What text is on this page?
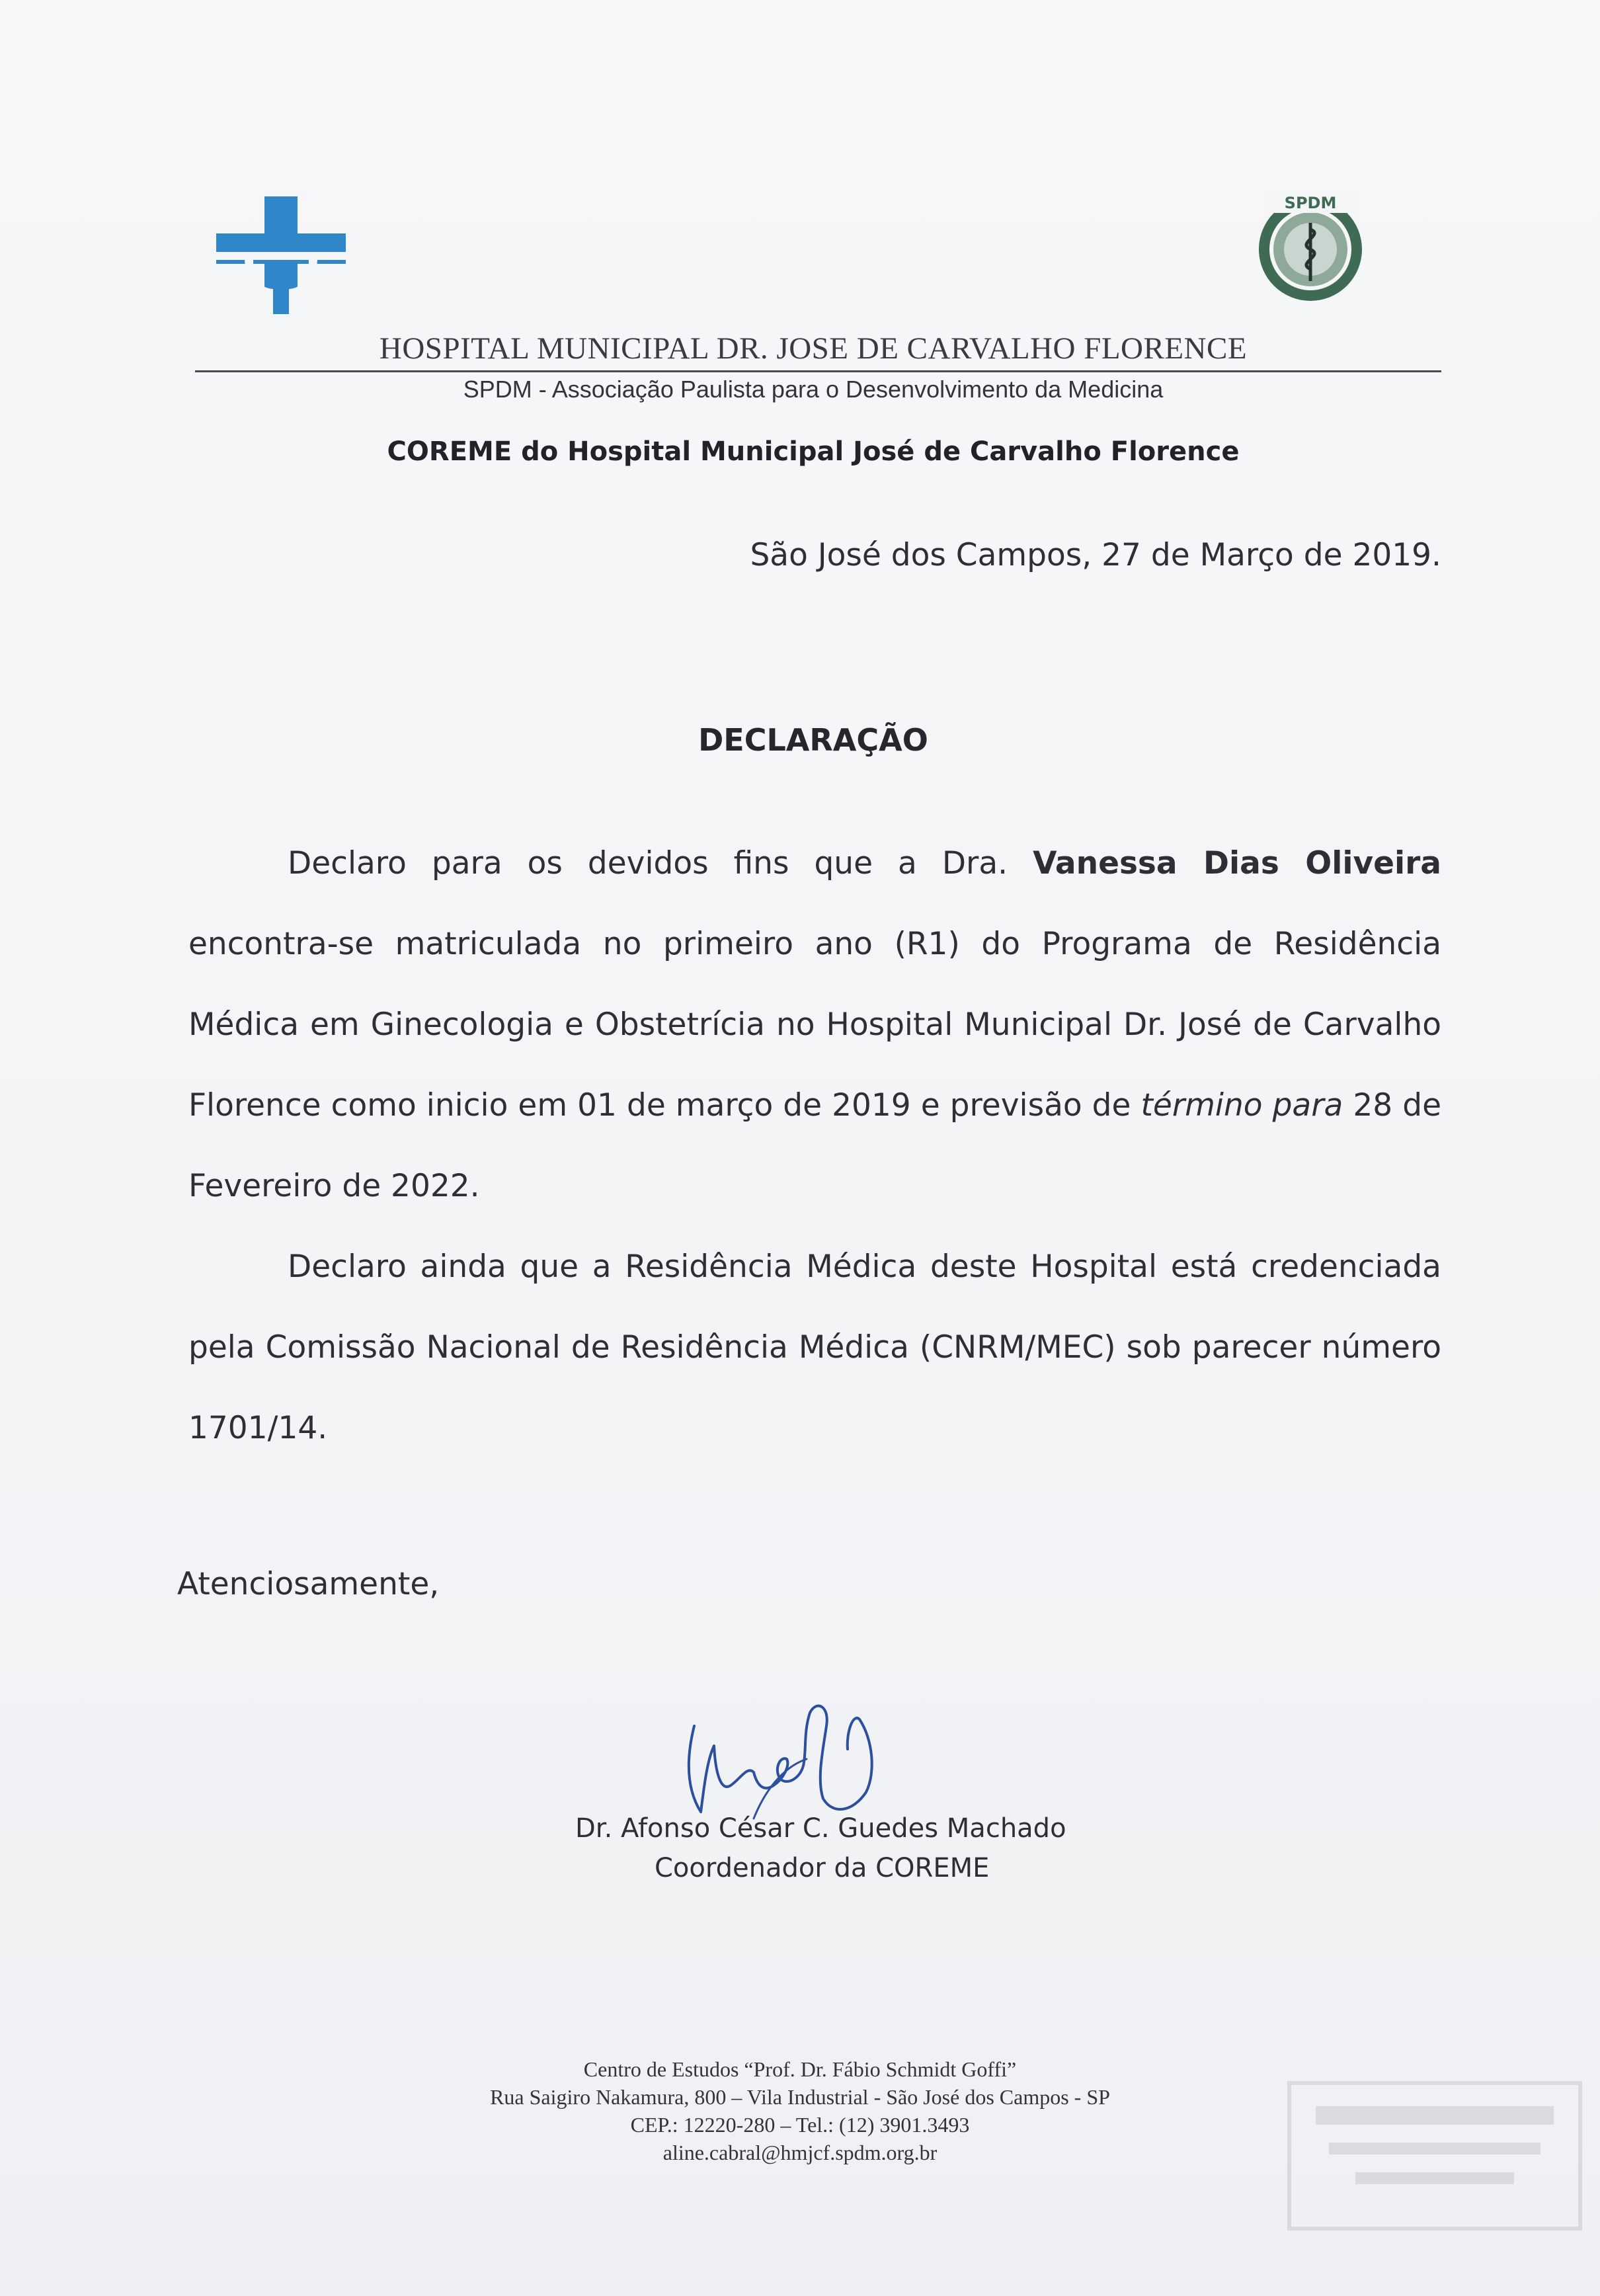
SPDM
HOSPITAL MUNICIPAL DR. JOSE DE CARVALHO FLORENCE
SPDM - Associação Paulista para o Desenvolvimento da Medicina
COREME do Hospital Municipal José de Carvalho Florence
São José dos Campos, 27 de Março de 2019.
DECLARAÇÃO

Declaro para os devidos fins que a Dra. Vanessa Dias Oliveira encontra-se matriculada no primeiro ano (R1) do Programa de Residência Médica em Ginecologia e Obstetrícia no Hospital Municipal Dr. José de Carvalho Florence como inicio em 01 de março de 2019 e previsão de término para 28 de Fevereiro de 2022.

Declaro ainda que a Residência Médica deste Hospital está credenciada pela Comissão Nacional de Residência Médica (CNRM/MEC) sob parecer número 1701/14.

Atenciosamente,
Dr. Afonso César C. Guedes Machado
Coordenador da COREME
Centro de Estudos “Prof. Dr. Fábio Schmidt Goffi”
Rua Saigiro Nakamura, 800 – Vila Industrial - São José dos Campos - SP
CEP.: 12220-280 – Tel.: (12) 3901.3493
aline.cabral@hmjcf.spdm.org.br
